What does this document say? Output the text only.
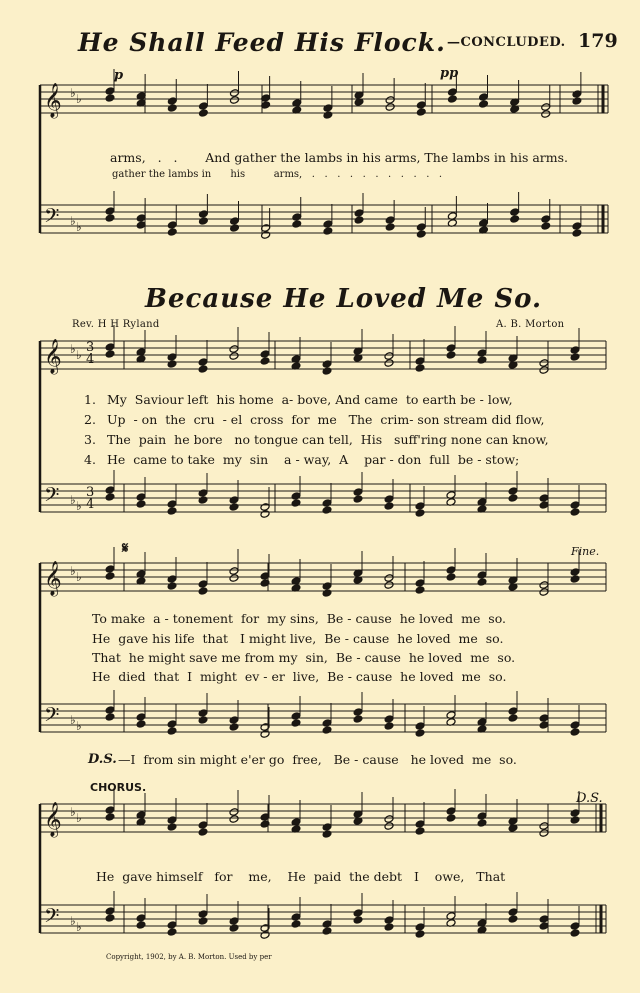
He Shall Feed His Flock. —CONCLUDED. 179
𝄞
𝄢
♭ ♭
♭ ♭
𝄞
𝄢
♭ ♭
♭ ♭
𝄞
𝄢
♭ ♭
♭ ♭
𝄞
𝄢
♭ ♭
♭ ♭
3
4
3
4
p	pp
arms,   .   .       And gather the lambs in his arms, The lambs in his arms.
gather the lambs in      his         arms,   .   .   .   .   .   .   .   .   .   .   .
Because He Loved Me So.
Rev. H H Ryland	A. B. Morton
1. My  Saviour left  his home  a- bove, And came  to earth be - low,
2. Up  - on  the  cru  - el  cross  for  me   The  crim- son stream did flow,
3. The  pain  he bore   no tongue can tell,  His   suff'ring none can know,
4. He  came to take  my  sin    a - way,  A    par - don  full  be - stow;
𝄋	Fine.
To make  a - tonement  for  my sins,  Be - cause  he loved  me  so.
He  gave his life  that   I might live,  Be - cause  he loved  me  so.
That  he might save me from my  sin,  Be - cause  he loved  me  so.
He  died  that  I  might  ev - er  live,  Be - cause  he loved  me  so.
D.S. —I  from sin might e'er go  free,   Be - cause   he loved  me  so.
CHORUS.
D.S.
He  gave himself   for    me,    He  paid  the debt   I    owe,   That
Copyright, 1902, by A. B. Morton. Used by per
